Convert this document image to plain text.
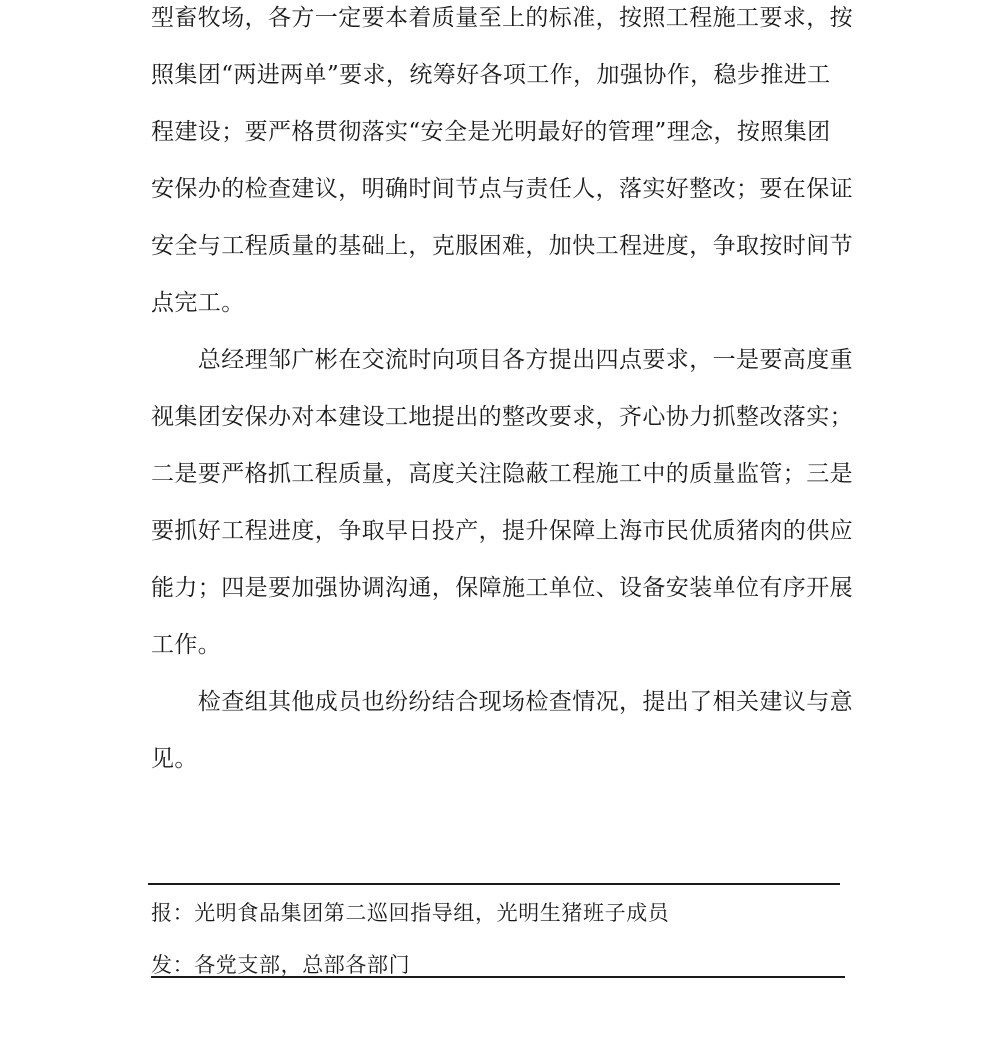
型畜牧场，各方一定要本着质量至上的标准，按照工程施工要求，按
照集团“两进两单”要求，统筹好各项工作，加强协作，稳步推进工
程建设；要严格贯彻落实“安全是光明最好的管理”理念，按照集团
安保办的检查建议，明确时间节点与责任人，落实好整改；要在保证
安全与工程质量的基础上，克服困难，加快工程进度，争取按时间节
点完工。
　　总经理邹广彬在交流时向项目各方提出四点要求，一是要高度重
视集团安保办对本建设工地提出的整改要求，齐心协力抓整改落实；
二是要严格抓工程质量，高度关注隐蔽工程施工中的质量监管；三是
要抓好工程进度，争取早日投产，提升保障上海市民优质猪肉的供应
能力；四是要加强协调沟通，保障施工单位、设备安装单位有序开展
工作。
　　检查组其他成员也纷纷结合现场检查情况，提出了相关建议与意
见。
报：光明食品集团第二巡回指导组，光明生猪班子成员
发：各党支部，总部各部门
